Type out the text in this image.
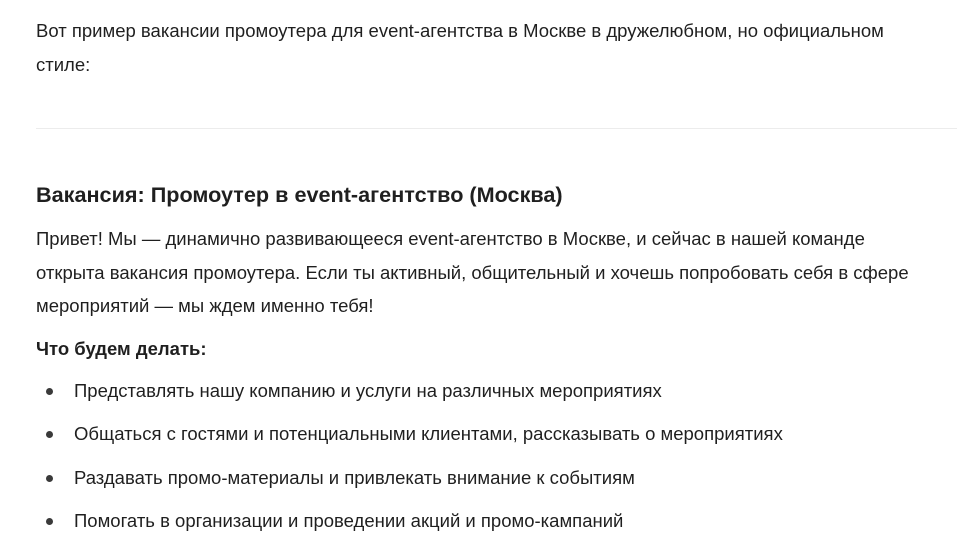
Вот пример вакансии промоутера для event-агентства в Москве в дружелюбном, но официальном стиле:

Вакансия: Промоутер в event-агентство (Москва)

Привет! Мы — динамично развивающееся event-агентство в Москве, и сейчас в нашей команде открыта вакансия промоутера. Если ты активный, общительный и хочешь попробовать себя в сфере мероприятий — мы ждем именно тебя!

Что будем делать:
Представлять нашу компанию и услуги на различных мероприятиях
Общаться с гостями и потенциальными клиентами, рассказывать о мероприятиях
Раздавать промо-материалы и привлекать внимание к событиям
Помогать в организации и проведении акций и промо-кампаний
